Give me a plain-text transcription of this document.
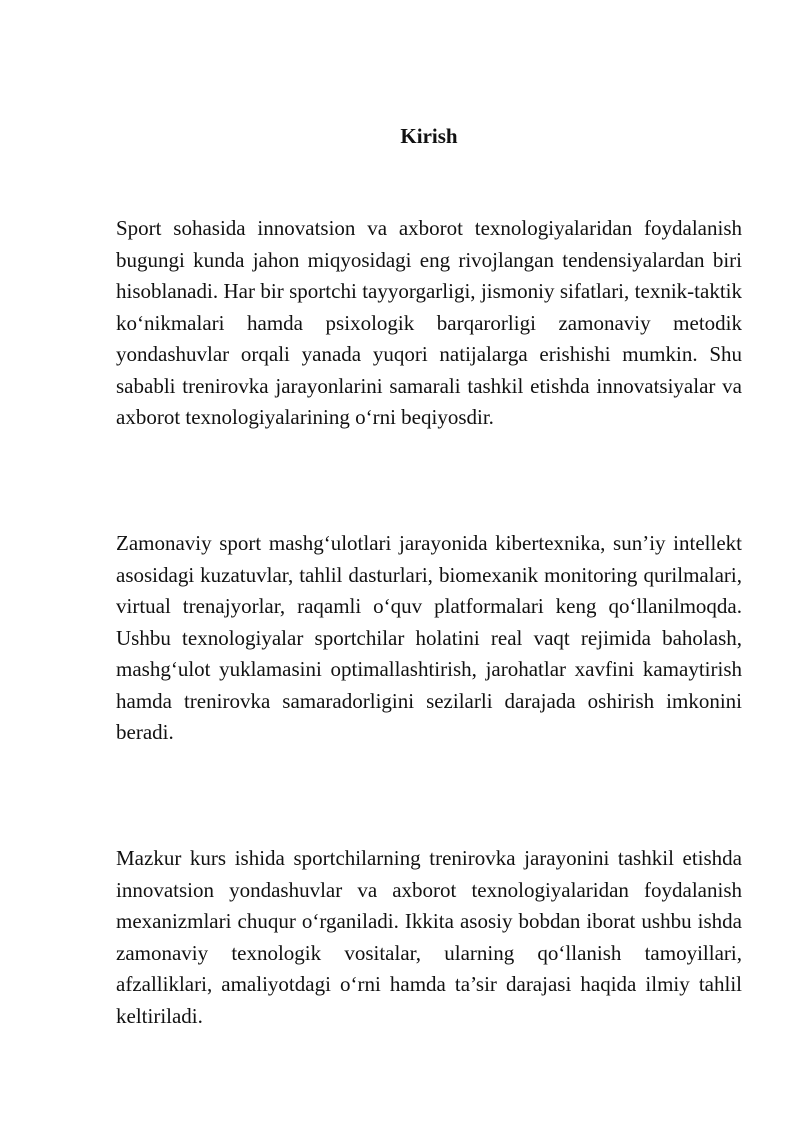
Kirish

Sport sohasida innovatsion va axborot texnologiyalaridan foydalanish bugungi kunda jahon miqyosidagi eng rivojlangan tendensiyalardan biri hisoblanadi. Har bir sportchi tayyorgarligi, jismoniy sifatlari, texnik-taktik ko‘nikmalari hamda psixologik barqarorligi zamonaviy metodik yondashuvlar orqali yanada yuqori natijalarga erishishi mumkin. Shu sababli trenirovka jarayonlarini samarali tashkil etishda innovatsiyalar va axborot texnologiyalarining o‘rni beqiyosdir.

Zamonaviy sport mashg‘ulotlari jarayonida kibertexnika, sun’iy intellekt asosidagi kuzatuvlar, tahlil dasturlari, biomexanik monitoring qurilmalari, virtual trenajyorlar, raqamli o‘quv platformalari keng qo‘llanilmoqda. Ushbu texnologiyalar sportchilar holatini real vaqt rejimida baholash, mashg‘ulot yuklamasini optimallashtirish, jarohatlar xavfini kamaytirish hamda trenirovka samaradorligini sezilarli darajada oshirish imkonini beradi.

Mazkur kurs ishida sportchilarning trenirovka jarayonini tashkil etishda innovatsion yondashuvlar va axborot texnologiyalaridan foydalanish mexanizmlari chuqur o‘rganiladi. Ikkita asosiy bobdan iborat ushbu ishda zamonaviy texnologik vositalar, ularning qo‘llanish tamoyillari, afzalliklari, amaliyotdagi o‘rni hamda ta’sir darajasi haqida ilmiy tahlil keltiriladi.
